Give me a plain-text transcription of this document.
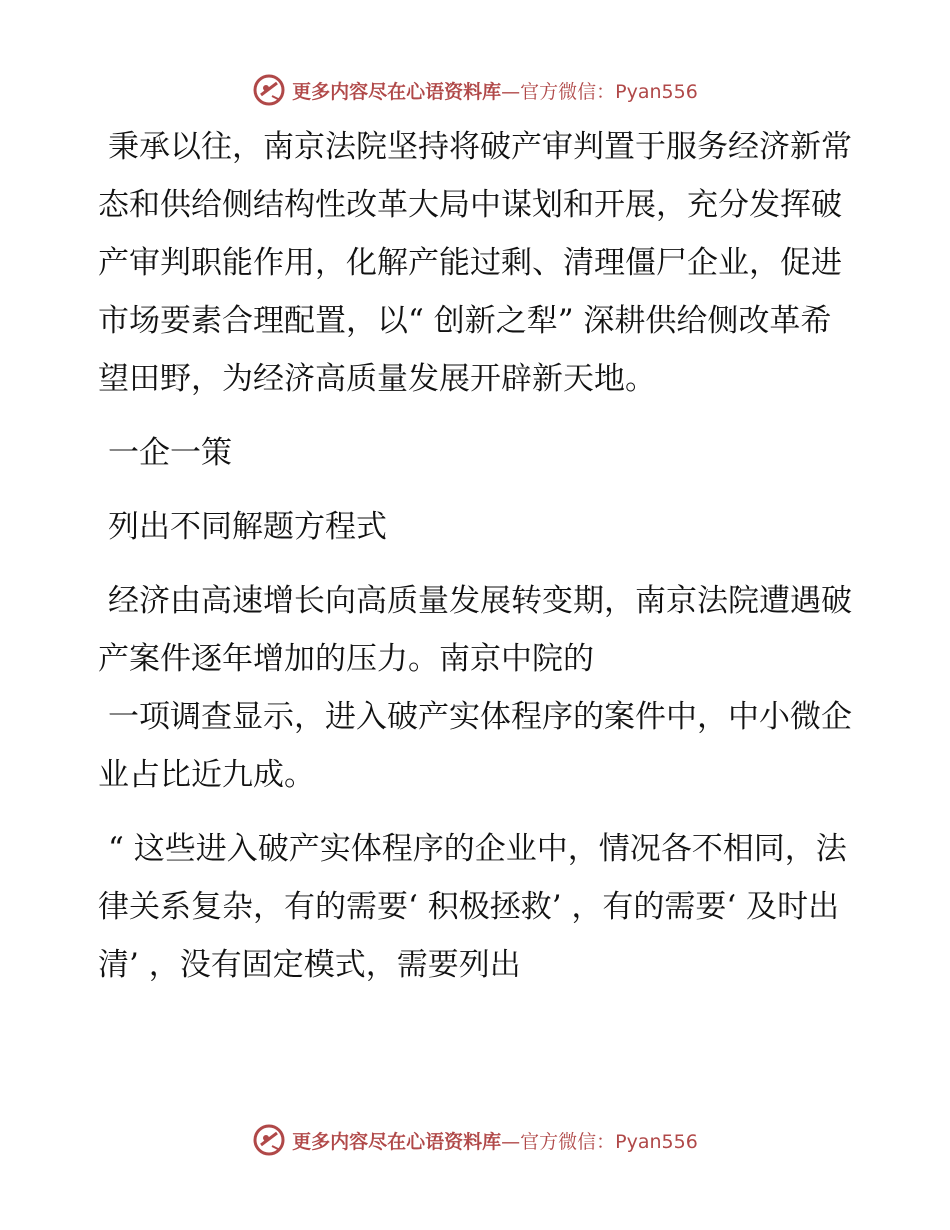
更多内容尽在心语资料库 —官方微信：Pyan556

秉承以往，南京法院坚持将破产审判置于服务经济新常态和供给侧结构性改革大局中谋划和开展，充分发挥破产审判职能作用，化解产能过剩、清理僵尸企业，促进市场要素合理配置，以“ 创新之犁” 深耕供给侧改革希望田野，为经济高质量发展开辟新天地。

一企一策

列出不同解题方程式

经济由高速增长向高质量发展转变期，南京法院遭遇破产案件逐年增加的压力。南京中院的

一项调查显示，进入破产实体程序的案件中，中小微企业占比近九成。

“ 这些进入破产实体程序的企业中，情况各不相同，法律关系复杂，有的需要‘ 积极拯救’ ，有的需要‘ 及时出清’ ，没有固定模式，需要列出

更多内容尽在心语资料库 —官方微信：Pyan556
